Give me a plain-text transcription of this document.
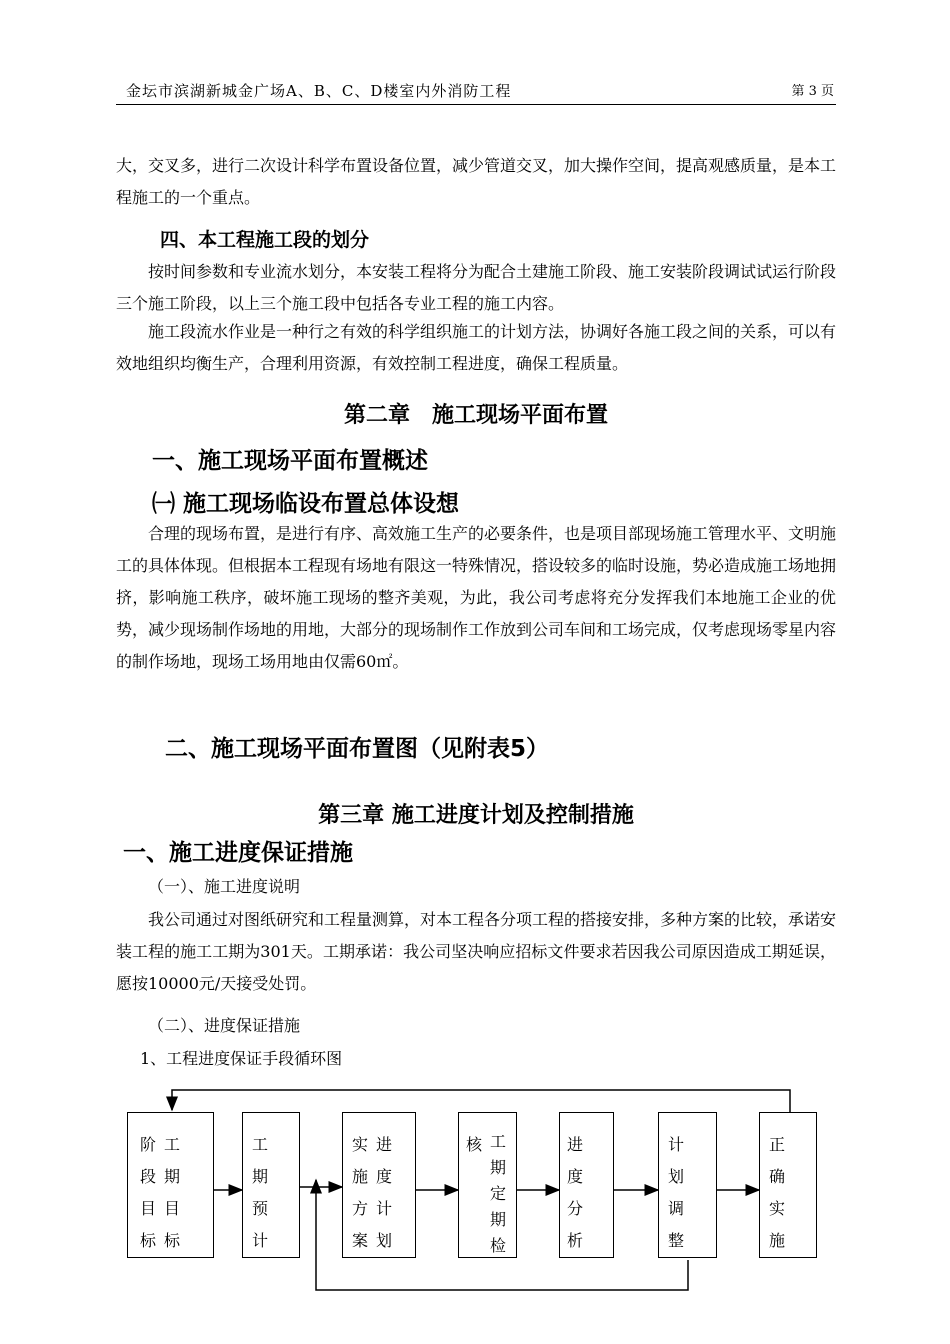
金坛市滨湖新城金广场A、B、C、D楼室内外消防工程	第 3 页
大，交叉多，进行二次设计科学布置设备位置，减少管道交叉，加大操作空间，提高观感质量，是本工程施工的一个重点。
四、本工程施工段的划分
按时间参数和专业流水划分，本安装工程将分为配合土建施工阶段、施工安装阶段调试试运行阶段三个施工阶段，以上三个施工段中包括各专业工程的施工内容。
施工段流水作业是一种行之有效的科学组织施工的计划方法，协调好各施工段之间的关系，可以有效地组织均衡生产，合理利用资源，有效控制工程进度，确保工程质量。
第二章　施工现场平面布置
一、施工现场平面布置概述
㈠ 施工现场临设布置总体设想
合理的现场布置，是进行有序、高效施工生产的必要条件，也是项目部现场施工管理水平、文明施工的具体体现。但根据本工程现有场地有限这一特殊情况，搭设较多的临时设施，势必造成施工场地拥挤，影响施工秩序，破坏施工现场的整齐美观，为此，我公司考虑将充分发挥我们本地施工企业的优势，减少现场制作场地的用地，大部分的现场制作工作放到公司车间和工场完成，仅考虑现场零星内容的制作场地，现场工场用地由仅需60㎡。
二、施工现场平面布置图（见附表5）
第三章 施工进度计划及控制措施
一、施工进度保证措施
（一）、施工进度说明
我公司通过对图纸研究和工程量测算，对本工程各分项工程的搭接安排，多种方案的比较，承诺安装工程的施工工期为301天。工期承诺：我公司坚决响应招标文件要求若因我公司原因造成工期延误，愿按10000元/天接受处罚。
（二）、进度保证措施
1、工程进度保证手段循环图
阶段目标
工期目标
工期预计
实施方案
进度计划
核 工期定期检
进度分析
计划调整
正确实施
